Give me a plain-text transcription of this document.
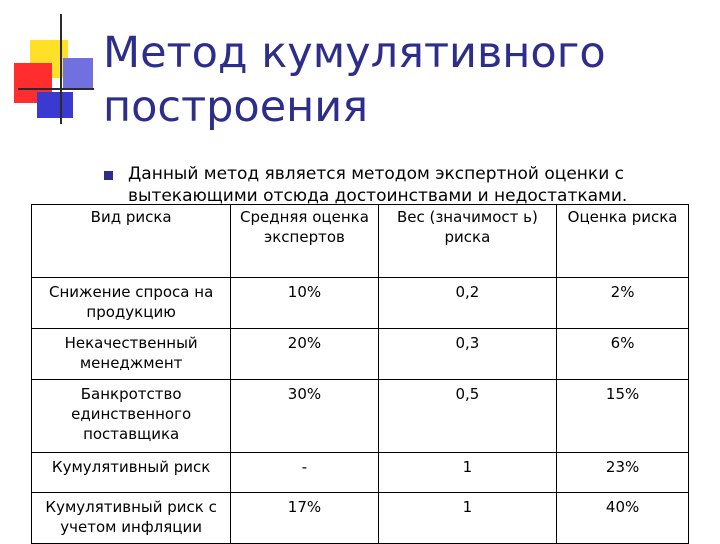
Метод кумулятивного построения
Данный метод является методом экспертной оценки с вытекающими отсюда достоинствами и недостатками.
Вид риска	Средняя оценка экспертов	Вес (значимост ь) риска	Оценка риска
Снижение спроса на продукцию	10%	0,2	2%
Некачественный менеджмент	20%	0,3	6%
Банкротство единственного поставщика	30%	0,5	15%
Кумулятивный риск	-	1	23%
Кумулятивный риск с учетом инфляции	17%	1	40%
